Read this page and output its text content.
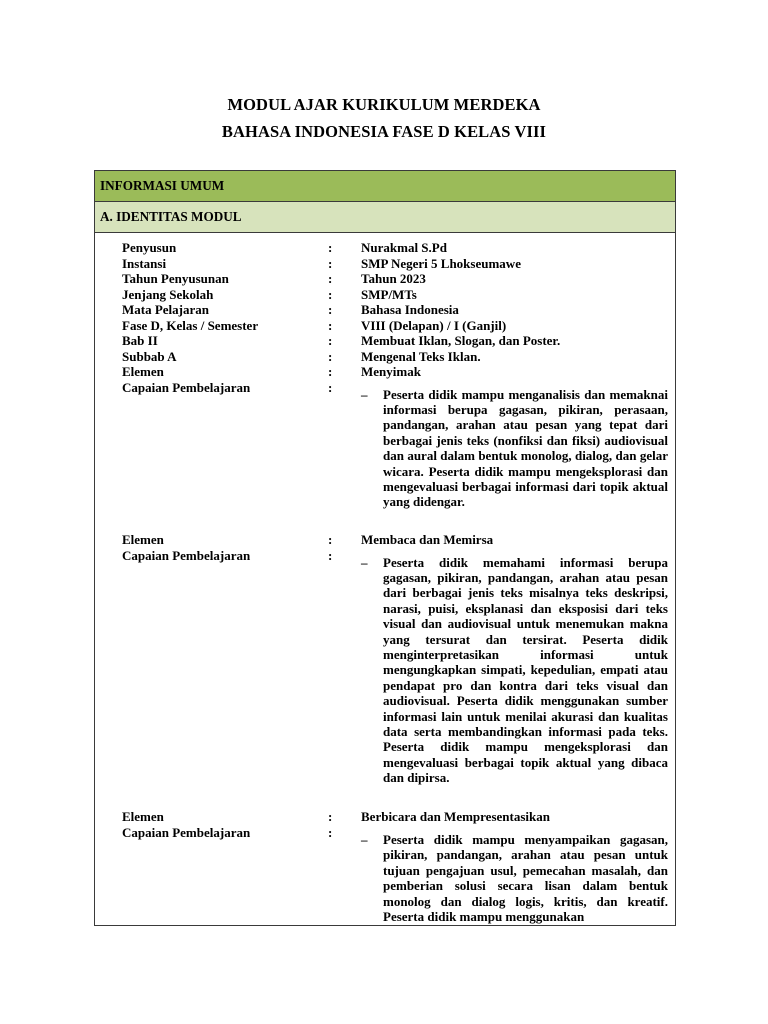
MODUL AJAR KURIKULUM MERDEKA
BAHASA INDONESIA FASE D KELAS VIII
INFORMASI UMUM
A. IDENTITAS MODUL
Penyusun	: Nurakmal S.Pd
Instansi	: SMP Negeri 5 Lhokseumawe
Tahun Penyusunan	: Tahun 2023
Jenjang Sekolah	: SMP/MTs
Mata Pelajaran	: Bahasa Indonesia
Fase D, Kelas / Semester	: VIII (Delapan) / I (Ganjil)
Bab II	: Membuat Iklan, Slogan, dan Poster.
Subbab A	: Mengenal Teks Iklan.
Elemen	: Menyimak
Capaian Pembelajaran	: – Peserta didik mampu menganalisis dan memaknai informasi berupa gagasan, pikiran, perasaan, pandangan, arahan atau pesan yang tepat dari berbagai jenis teks (nonfiksi dan fiksi) audiovisual dan aural dalam bentuk monolog, dialog, dan gelar wicara. Peserta didik mampu mengeksplorasi dan mengevaluasi berbagai informasi dari topik aktual yang didengar.
Elemen	: Membaca dan Memirsa
Capaian Pembelajaran	: – Peserta didik memahami informasi berupa gagasan, pikiran, pandangan, arahan atau pesan dari berbagai jenis teks misalnya teks deskripsi, narasi, puisi, eksplanasi dan eksposisi dari teks visual dan audiovisual untuk menemukan makna yang tersurat dan tersirat. Peserta didik menginterpretasikan informasi untuk mengungkapkan simpati, kepedulian, empati atau pendapat pro dan kontra dari teks visual dan audiovisual. Peserta didik menggunakan sumber informasi lain untuk menilai akurasi dan kualitas data serta membandingkan informasi pada teks. Peserta didik mampu mengeksplorasi dan mengevaluasi berbagai topik aktual yang dibaca dan dipirsa.
Elemen	: Berbicara dan Mempresentasikan
Capaian Pembelajaran	: – Peserta didik mampu menyampaikan gagasan, pikiran, pandangan, arahan atau pesan untuk tujuan pengajuan usul, pemecahan masalah, dan pemberian solusi secara lisan dalam bentuk monolog dan dialog logis, kritis, dan kreatif. Peserta didik mampu menggunakan
